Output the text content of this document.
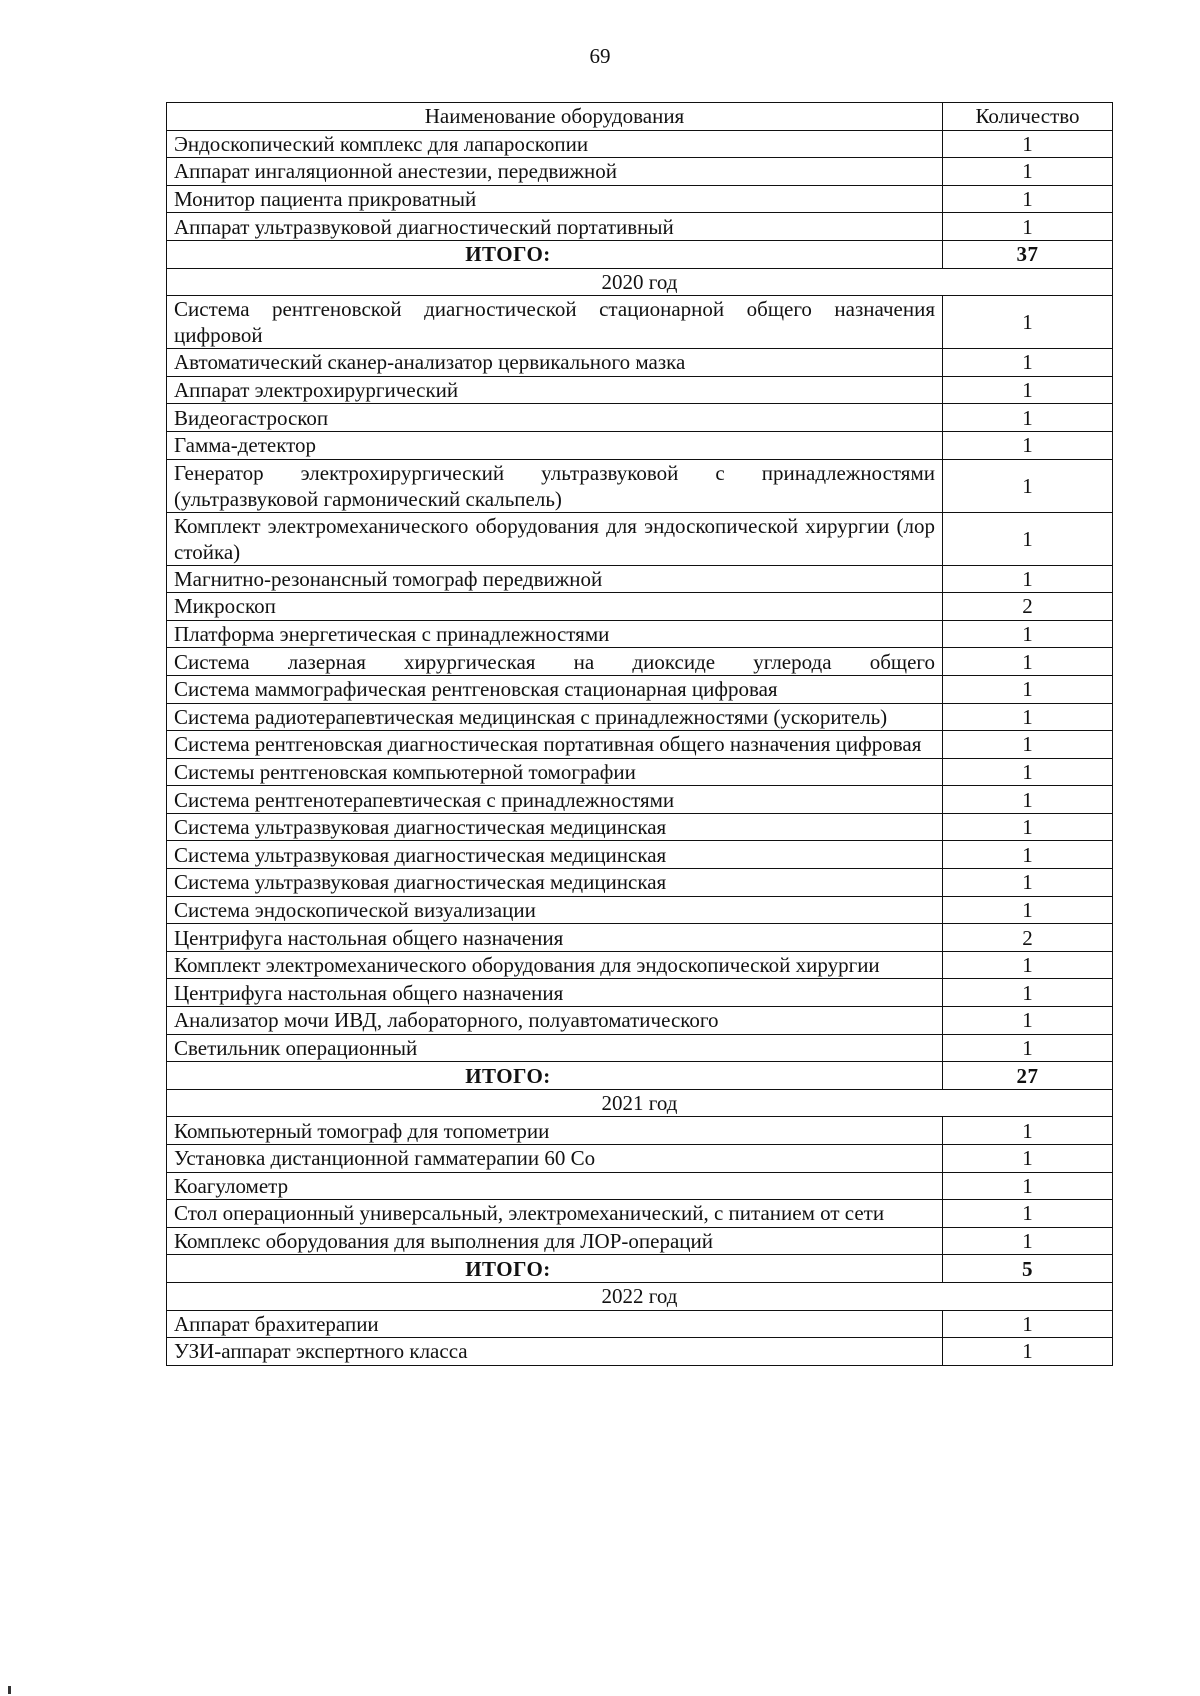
69
Наименование оборудования	Количество
Эндоскопический комплекс для лапароскопии	1
Аппарат ингаляционной анестезии, передвижной	1
Монитор пациента прикроватный	1
Аппарат ультразвуковой диагностический портативный	1
ИТОГО:	37
2020 год	
Система рентгеновской диагностической стационарной общего назначения цифровой	1
Автоматический сканер-анализатор цервикального мазка	1
Аппарат электрохирургический	1
Видеогастроскоп	1
Гамма-детектор	1
Генератор электрохирургический ультразвуковой с принадлежностями (ультразвуковой гармонический скальпель)	1
Комплект электромеханического оборудования для эндоскопической хирургии (лор стойка)	1
Магнитно-резонансный томограф передвижной	1
Микроскоп	2
Платформа энергетическая с принадлежностями	1
Система лазерная хирургическая на диоксиде углерода общего	1
Система маммографическая рентгеновская стационарная цифровая	1
Система радиотерапевтическая медицинская с принадлежностями (ускоритель)	1
Система рентгеновская диагностическая портативная общего назначения цифровая	1
Системы рентгеновская компьютерной томографии	1
Система рентгенотерапевтическая с принадлежностями	1
Система ультразвуковая диагностическая медицинская	1
Система ультразвуковая диагностическая медицинская	1
Система ультразвуковая диагностическая медицинская	1
Система эндоскопической визуализации	1
Центрифуга настольная общего назначения	2
Комплект электромеханического оборудования для эндоскопической хирургии	1
Центрифуга настольная общего назначения	1
Анализатор мочи ИВД, лабораторного, полуавтоматического	1
Светильник операционный	1
ИТОГО:	27
2021 год	
Компьютерный томограф для топометрии	1
Установка дистанционной гамматерапии 60 Со	1
Коагулометр	1
Стол операционный универсальный, электромеханический, с питанием от сети	1
Комплекс оборудования для выполнения для ЛОР-операций	1
ИТОГО:	5
2022 год	
Аппарат брахитерапии	1
УЗИ-аппарат экспертного класса	1
